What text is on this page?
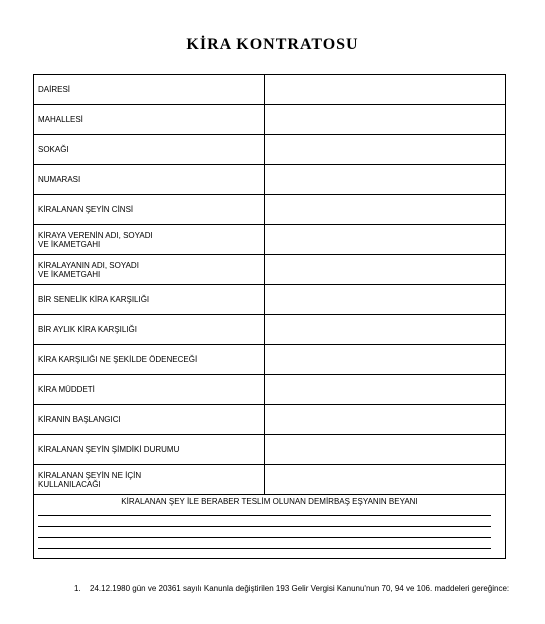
KİRA KONTRATOSU
DAİRESİ	
MAHALLESİ	
SOKAĞI	
NUMARASI	
KİRALANAN ŞEYİN CİNSİ	
KİRAYA VERENİN ADI, SOYADI
VE İKAMETGAHI	
KİRALAYANIN ADI, SOYADI
VE İKAMETGAHI	
BİR SENELİK KİRA KARŞILIĞI	
BİR AYLIK KİRA KARŞILIĞI	
KİRA KARŞILIĞI NE ŞEKİLDE ÖDENECEĞİ	
KİRA MÜDDETİ	
KİRANIN BAŞLANGICI	
KİRALANAN ŞEYİN ŞİMDİKİ DURUMU	
KİRALANAN ŞEYİN NE İÇİN
KULLANILACAĞI	
KİRALANAN ŞEY İLE BERABER TESLİM OLUNAN DEMİRBAŞ EŞYANIN BEYANI
1. 24.12.1980 gün ve 20361 sayılı Kanunla değiştirilen 193 Gelir Vergisi Kanunu'nun 70, 94 ve 106. maddeleri gereğince:
